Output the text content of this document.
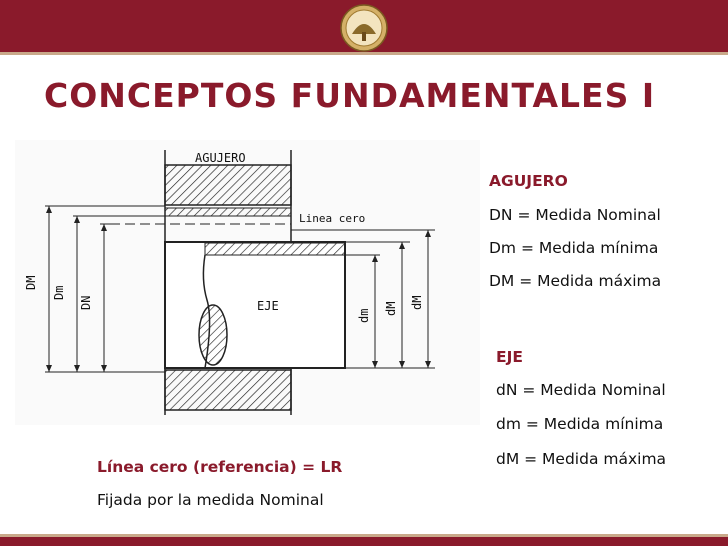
CONCEPTOS FUNDAMENTALES I
AGUJERO
Linea cero
EJE
DM
Dm
DN
dm dM dM
AGUJERO
DN = Medida Nominal
Dm = Medida mínima
DM = Medida máxima
EJE
dN = Medida Nominal
dm = Medida mínima
dM = Medida máxima
Línea cero (referencia) = LR
Fijada por la medida Nominal
